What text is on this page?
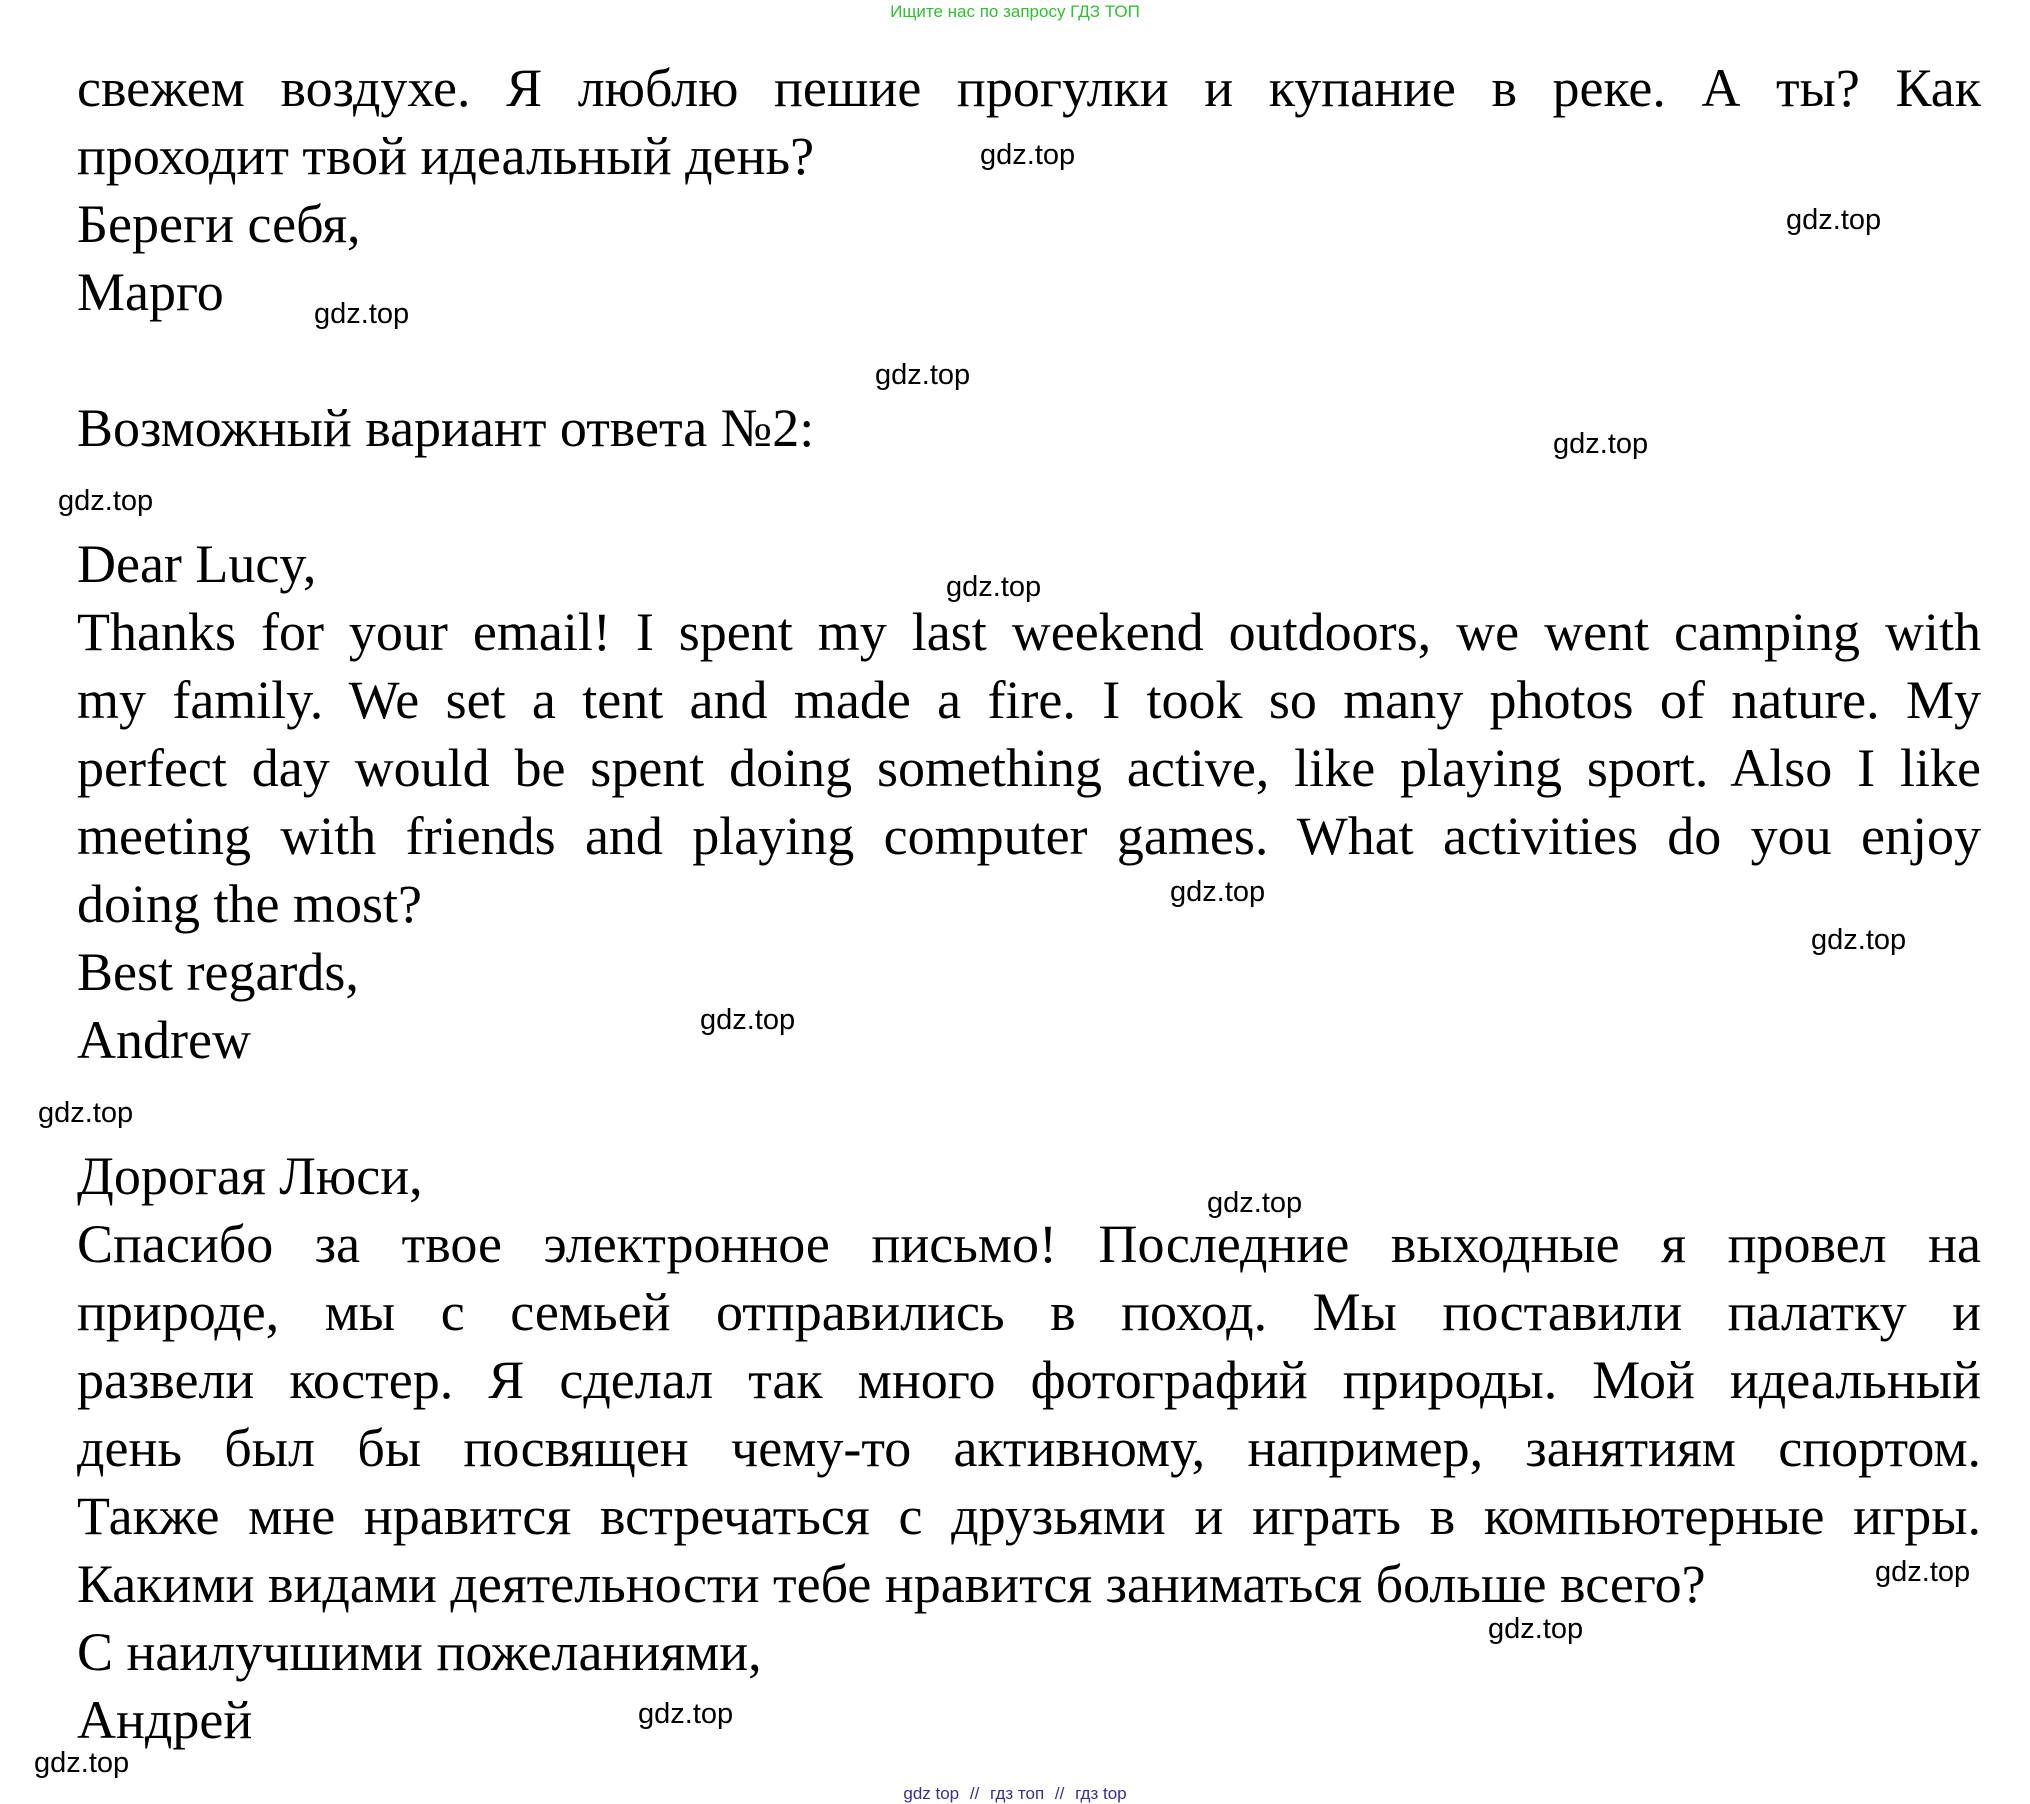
Ищите нас по запросу ГДЗ ТОП
свежем воздухе. Я люблю пешие прогулки и купание в реке. А ты? Как
проходит твой идеальный день?
Береги себя,
Марго
Возможный вариант ответа №2:
Dear Lucy,
Thanks for your email! I spent my last weekend outdoors, we went camping with
my family. We set a tent and made a fire. I took so many photos of nature. My
perfect day would be spent doing something active, like playing sport. Also I like
meeting with friends and playing computer games. What activities do you enjoy
doing the most?
Best regards,
Andrew
Дорогая Люси,
Спасибо за твое электронное письмо! Последние выходные я провел на
природе, мы с семьей отправились в поход. Мы поставили палатку и
развели костер. Я сделал так много фотографий природы. Мой идеальный
день был бы посвящен чему-то активному, например, занятиям спортом.
Также мне нравится встречаться с друзьями и играть в компьютерные игры.
Какими видами деятельности тебе нравится заниматься больше всего?
С наилучшими пожеланиями,
Андрей
gdz.top
gdz.top
gdz.top
gdz.top
gdz.top
gdz.top
gdz.top
gdz.top
gdz.top
gdz.top
gdz.top
gdz.top
gdz.top
gdz.top
gdz.top
gdz.top
gdz top // гдз топ // гдз top
